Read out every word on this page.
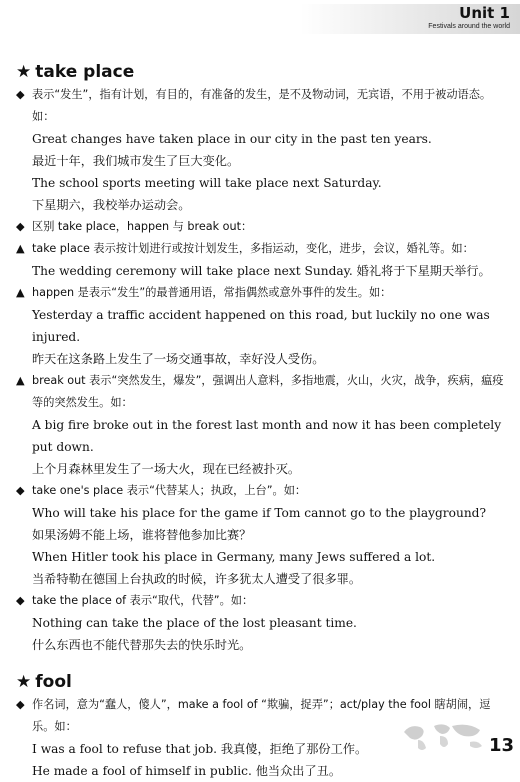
Unit 1
Festivals around the world
★ take place

◆ 表示“发生”，指有计划，有目的，有准备的发生，是不及物动词，无宾语，不用于被动语态。如：

Great changes have taken place in our city in the past ten years.

最近十年，我们城市发生了巨大变化。

The school sports meeting will take place next Saturday.

下星期六，我校举办运动会。

◆ 区别 take place，happen 与 break out：

▲ take place 表示按计划进行或按计划发生，多指运动，变化，进步，会议，婚礼等。如：

The wedding ceremony will take place next Sunday. 婚礼将于下星期天举行。

▲ happen 是表示“发生”的最普通用语，常指偶然或意外事件的发生。如：

Yesterday a traffic accident happened on this road, but luckily no one was injured.

昨天在这条路上发生了一场交通事故，幸好没人受伤。

▲ break out 表示“突然发生，爆发”，强调出人意料，多指地震，火山，火灾，战争，疾病，瘟疫等的突然发生。如：

A big fire broke out in the forest last month and now it has been completely put down.

上个月森林里发生了一场大火，现在已经被扑灭。

◆ take one's place 表示“代替某人；执政，上台”。如：

Who will take his place for the game if Tom cannot go to the playground?

如果汤姆不能上场，谁将替他参加比赛？

When Hitler took his place in Germany, many Jews suffered a lot.

当希特勒在德国上台执政的时候，许多犹太人遭受了很多罪。

◆ take the place of 表示“取代，代替”。如：

Nothing can take the place of the lost pleasant time.

什么东西也不能代替那失去的快乐时光。

★ fool

◆ 作名词，意为“蠢人，傻人”，make a fool of “欺骗，捉弄”；act/play the fool 瞎胡闹，逗乐。如：

I was a fool to refuse that job. 我真傻，拒绝了那份工作。

He made a fool of himself in public. 他当众出了丑。

13
